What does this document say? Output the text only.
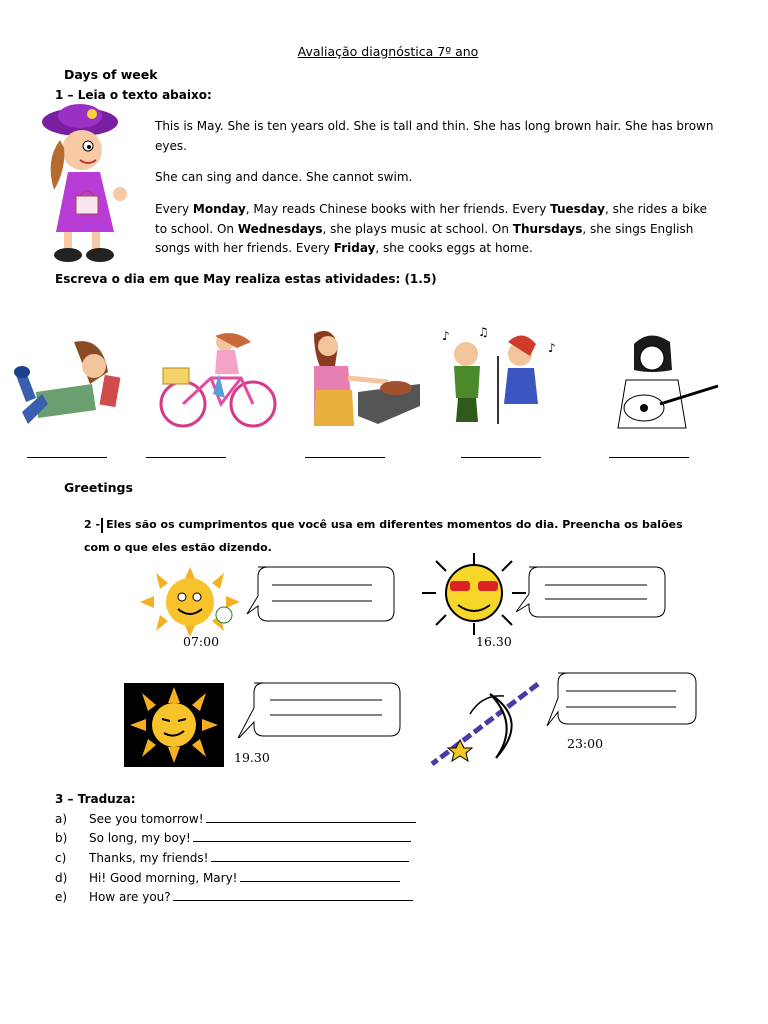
Avaliação diagnóstica 7º ano
Days of week
1 – Leia o texto abaixo:
This is May. She is ten years old. She is tall and thin. She has long brown hair. She has brown eyes.
She can sing and dance. She cannot swim.
Every Monday, May reads Chinese books with her friends. Every Tuesday, she rides a bike to school. On Wednesdays, she plays music at school. On Thursdays, she sings English songs with her friends. Every Friday, she cooks eggs at home.
Escreva o dia em que May realiza estas atividades: (1.5)
♪ ♫
♪
Greetings
2 - Eles são os cumprimentos que você usa em diferentes momentos do dia. Preencha os balões com o que eles estão dizendo.
07:00	16.30
19.30
23:00
3 – Traduza:
a) See you tomorrow!
b) So long, my boy!
c) Thanks, my friends!
d) Hi! Good morning, Mary!
e) How are you?
